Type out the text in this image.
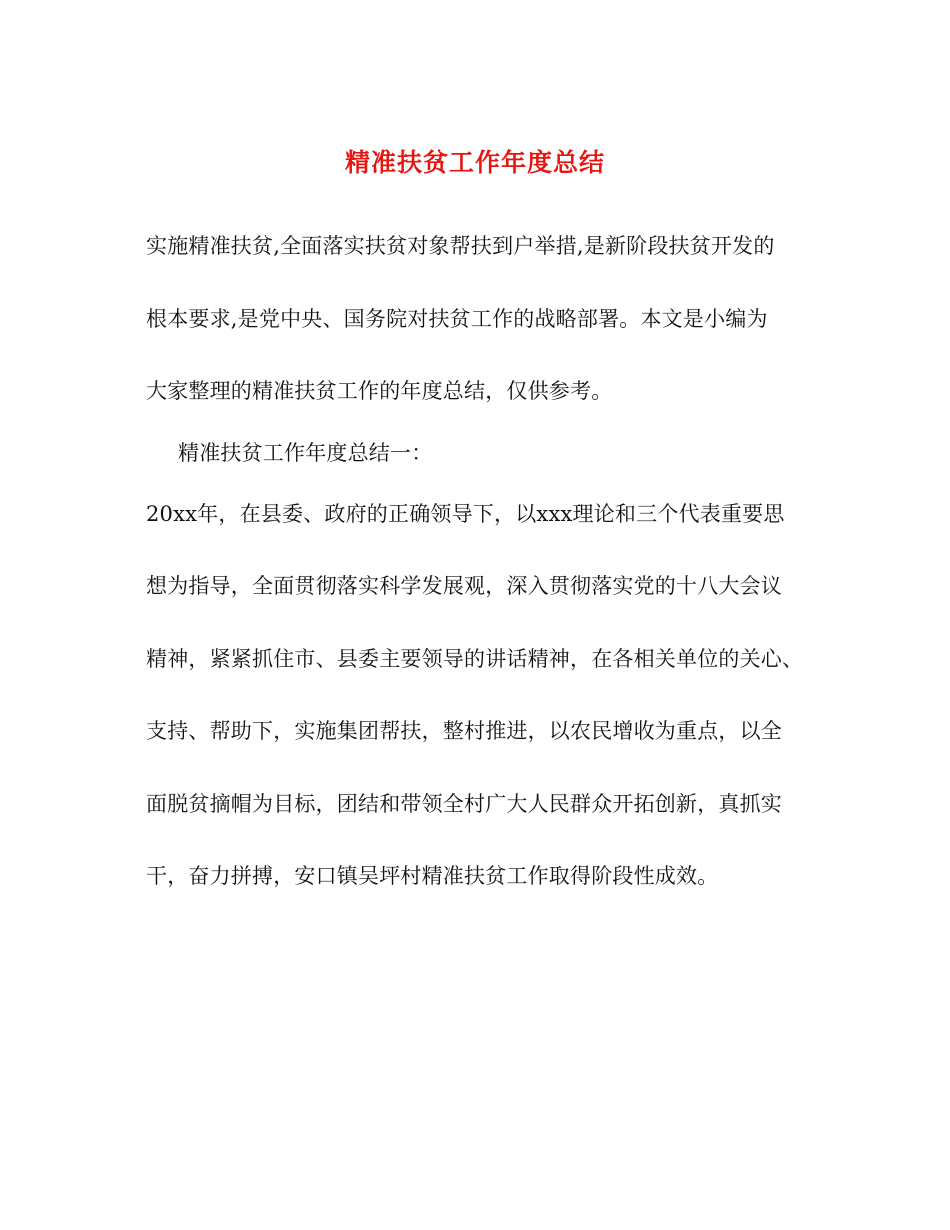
精准扶贫工作年度总结
实施精准扶贫,全面落实扶贫对象帮扶到户举措,是新阶段扶贫开发的
根本要求,是党中央、国务院对扶贫工作的战略部署。本文是小编为
大家整理的精准扶贫工作的年度总结，仅供参考。
精准扶贫工作年度总结一：
20xx年，在县委、政府的正确领导下，以xxx理论和三个代表重要思
想为指导，全面贯彻落实科学发展观，深入贯彻落实党的十八大会议
精神，紧紧抓住市、县委主要领导的讲话精神，在各相关单位的关心、
支持、帮助下，实施集团帮扶，整村推进，以农民增收为重点，以全
面脱贫摘帽为目标，团结和带领全村广大人民群众开拓创新，真抓实
干，奋力拼搏，安口镇吴坪村精准扶贫工作取得阶段性成效。
